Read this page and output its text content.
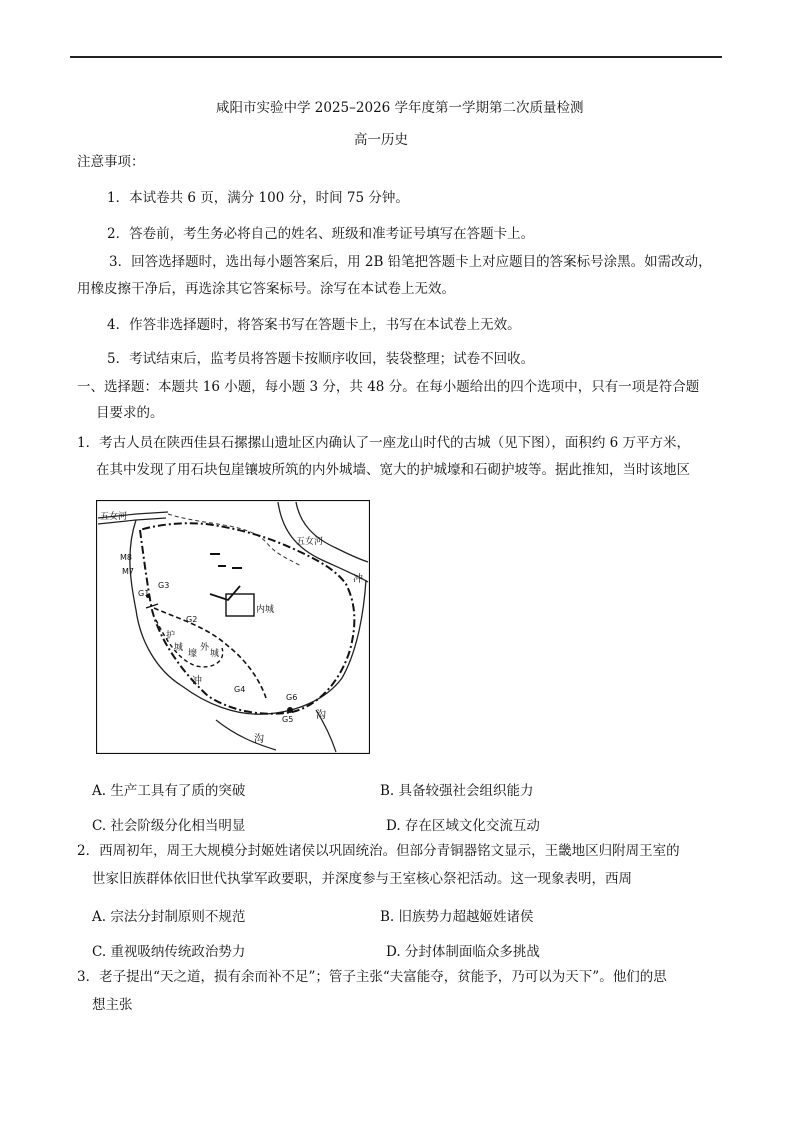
咸阳市实验中学 2025–2026 学年度第一学期第二次质量检测
高一历史
注意事项：
1．本试卷共 6 页，满分 100 分，时间 75 分钟。
2．答卷前，考生务必将自己的姓名、班级和准考证号填写在答题卡上。
3．回答选择题时，选出每小题答案后，用 2B 铅笔把答题卡上对应题目的答案标号涂黑。如需改动，
用橡皮擦干净后，再选涂其它答案标号。涂写在本试卷上无效。
4．作答非选择题时，将答案书写在答题卡上，书写在本试卷上无效。
5．考试结束后，监考员将答题卡按顺序收回，装袋整理；试卷不回收。
一、选择题：本题共 16 小题，每小题 3 分，共 48 分。在每小题给出的四个选项中，只有一项是符合题
目要求的。
1．考古人员在陕西佳县石摞摞山遗址区内确认了一座龙山时代的古城（见下图），面积约 6 万平方米，
在其中发现了用石块包崖镶坡所筑的内外城墙、宽大的护城壕和石砌护坡等。据此推知，当时该地区
五女河
五女河
冲
内城
M8
M7
G3
G1
G2
护
城
壕
外
城
冲
G4
G6
G5 沟
沟
A. 生产工具有了质的突破	B. 具备较强社会组织能力
C. 社会阶级分化相当明显	D. 存在区域文化交流互动
2．西周初年，周王大规模分封姬姓诸侯以巩固统治。但部分青铜器铭文显示，王畿地区归附周王室的
世家旧族群体依旧世代执掌军政要职，并深度参与王室核心祭祀活动。这一现象表明，西周
A. 宗法分封制原则不规范	B. 旧族势力超越姬姓诸侯
C. 重视吸纳传统政治势力	D. 分封体制面临众多挑战
3．老子提出“天之道，损有余而补不足”；管子主张“夫富能夺，贫能予，乃可以为天下”。他们的思
想主张
